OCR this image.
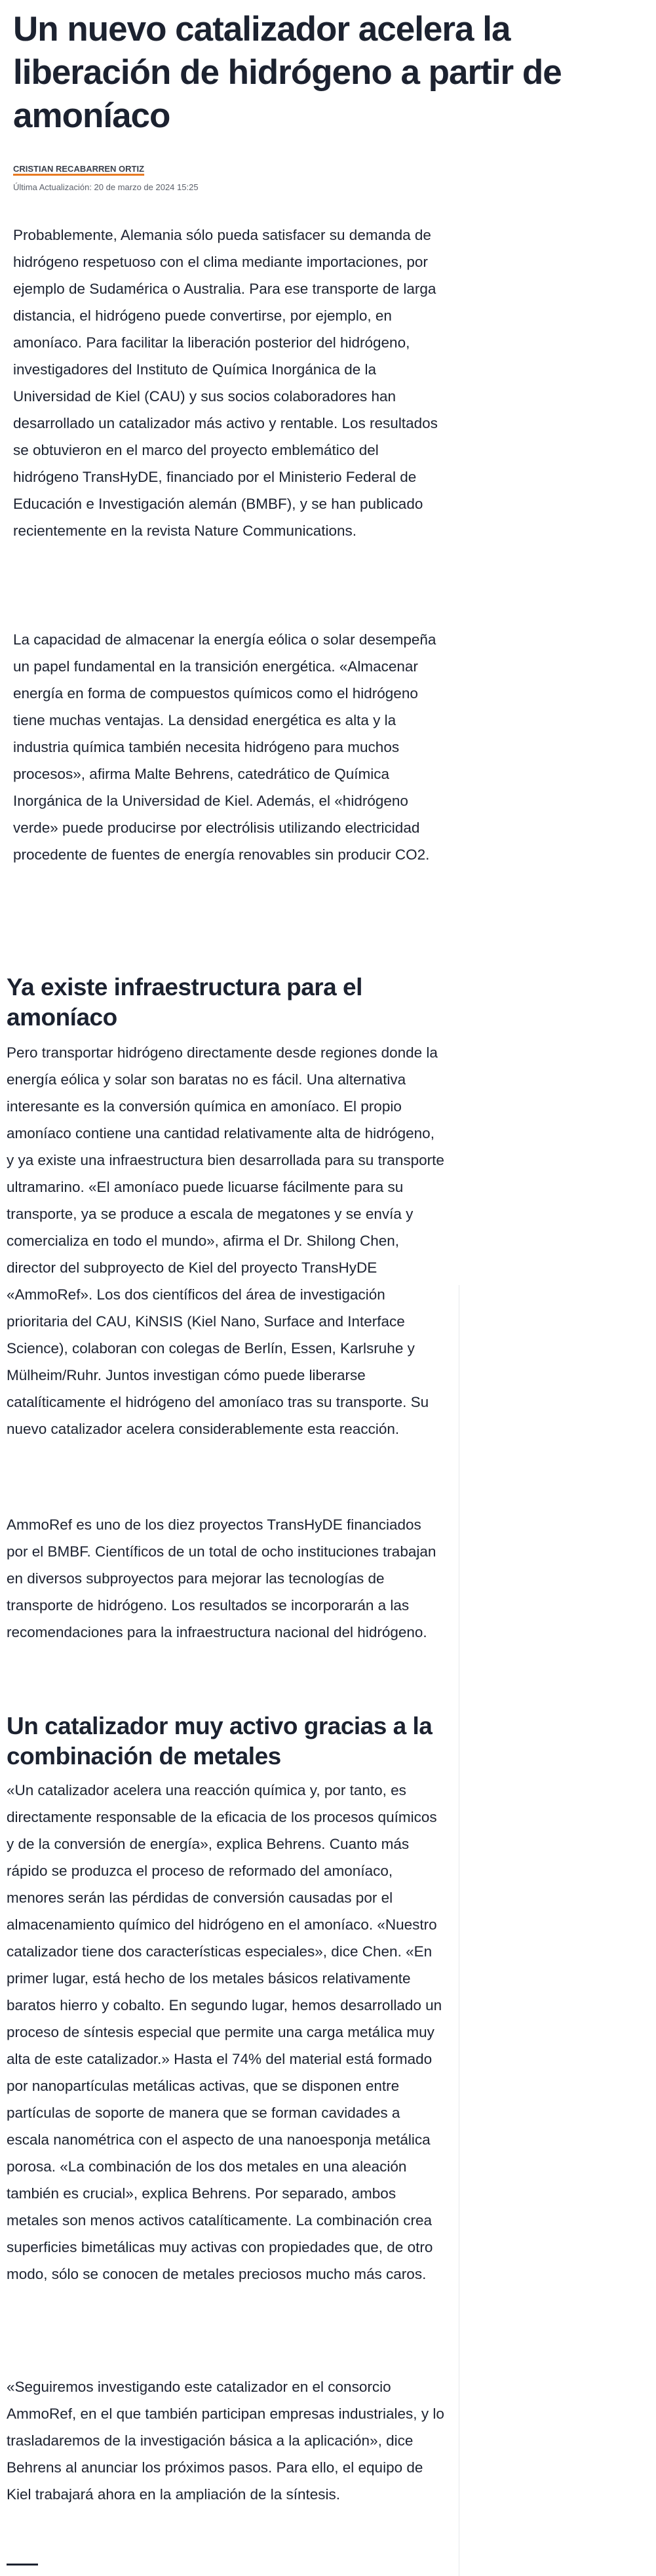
Un nuevo catalizador acelera la liberación de hidrógeno a partir de amoníaco
CRISTIAN RECABARREN ORTIZ
Última Actualización: 20 de marzo de 2024 15:25

Probablemente, Alemania sólo pueda satisfacer su demanda de hidrógeno respetuoso con el clima mediante importaciones, por ejemplo de Sudamérica o Australia. Para ese transporte de larga distancia, el hidrógeno puede convertirse, por ejemplo, en amoníaco. Para facilitar la liberación posterior del hidrógeno, investigadores del Instituto de Química Inorgánica de la Universidad de Kiel (CAU) y sus socios colaboradores han desarrollado un catalizador más activo y rentable. Los resultados se obtuvieron en el marco del proyecto emblemático del hidrógeno TransHyDE, financiado por el Ministerio Federal de Educación e Investigación alemán (BMBF), y se han publicado recientemente en la revista Nature Communications.

La capacidad de almacenar la energía eólica o solar desempeña un papel fundamental en la transición energética. «Almacenar energía en forma de compuestos químicos como el hidrógeno tiene muchas ventajas. La densidad energética es alta y la industria química también necesita hidrógeno para muchos procesos», afirma Malte Behrens, catedrático de Química Inorgánica de la Universidad de Kiel. Además, el «hidrógeno verde» puede producirse por electrólisis utilizando electricidad procedente de fuentes de energía renovables sin producir CO2.

Ya existe infraestructura para el amoníaco

Pero transportar hidrógeno directamente desde regiones donde la energía eólica y solar son baratas no es fácil. Una alternativa interesante es la conversión química en amoníaco. El propio amoníaco contiene una cantidad relativamente alta de hidrógeno, y ya existe una infraestructura bien desarrollada para su transporte ultramarino. «El amoníaco puede licuarse fácilmente para su transporte, ya se produce a escala de megatones y se envía y comercializa en todo el mundo», afirma el Dr. Shilong Chen, director del subproyecto de Kiel del proyecto TransHyDE «AmmoRef». Los dos científicos del área de investigación prioritaria del CAU, KiNSIS (Kiel Nano, Surface and Interface Science), colaboran con colegas de Berlín, Essen, Karlsruhe y Mülheim/Ruhr. Juntos investigan cómo puede liberarse catalíticamente el hidrógeno del amoníaco tras su transporte. Su nuevo catalizador acelera considerablemente esta reacción.

AmmoRef es uno de los diez proyectos TransHyDE financiados por el BMBF. Científicos de un total de ocho instituciones trabajan en diversos subproyectos para mejorar las tecnologías de transporte de hidrógeno. Los resultados se incorporarán a las recomendaciones para la infraestructura nacional del hidrógeno.

Un catalizador muy activo gracias a la combinación de metales

«Un catalizador acelera una reacción química y, por tanto, es directamente responsable de la eficacia de los procesos químicos y de la conversión de energía», explica Behrens. Cuanto más rápido se produzca el proceso de reformado del amoníaco, menores serán las pérdidas de conversión causadas por el almacenamiento químico del hidrógeno en el amoníaco. «Nuestro catalizador tiene dos características especiales», dice Chen. «En primer lugar, está hecho de los metales básicos relativamente baratos hierro y cobalto. En segundo lugar, hemos desarrollado un proceso de síntesis especial que permite una carga metálica muy alta de este catalizador.» Hasta el 74% del material está formado por nanopartículas metálicas activas, que se disponen entre partículas de soporte de manera que se forman cavidades a escala nanométrica con el aspecto de una nanoesponja metálica porosa. «La combinación de los dos metales en una aleación también es crucial», explica Behrens. Por separado, ambos metales son menos activos catalíticamente. La combinación crea superficies bimetálicas muy activas con propiedades que, de otro modo, sólo se conocen de metales preciosos mucho más caros.

«Seguiremos investigando este catalizador en el consorcio AmmoRef, en el que también participan empresas industriales, y lo trasladaremos de la investigación básica a la aplicación», dice Behrens al anunciar los próximos pasos. Para ello, el equipo de Kiel trabajará ahora en la ampliación de la síntesis.
